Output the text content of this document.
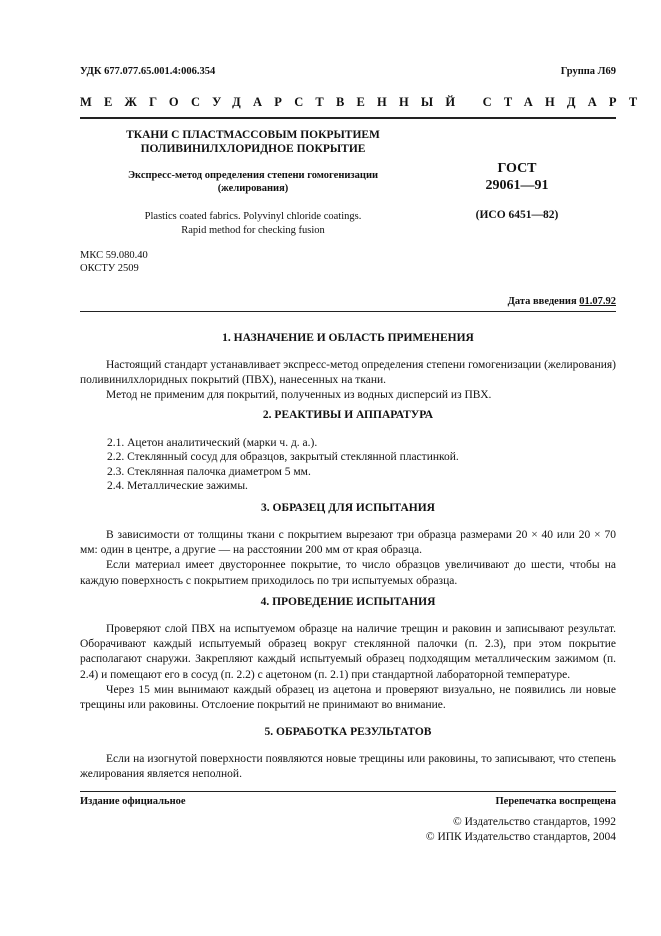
УДК 677.077.65.001.4:006.354	Группа Л69
МЕЖГОСУДАРСТВЕННЫЙ СТАНДАРТ
ТКАНИ С ПЛАСТМАССОВЫМ ПОКРЫТИЕМ
ПОЛИВИНИЛХЛОРИДНОЕ ПОКРЫТИЕ
Экспресс-метод определения степени гомогенизации
(желирования)
Plastics coated fabrics. Polyvinyl chloride coatings.
Rapid method for checking fusion
ГОСТ
29061—91
(ИСО 6451—82)
МКС 59.080.40
ОКСТУ 2509
Дата введения 01.07.92
1. НАЗНАЧЕНИЕ И ОБЛАСТЬ ПРИМЕНЕНИЯ

Настоящий стандарт устанавливает экспресс-метод определения степени гомогенизации (желирования) поливинилхлоридных покрытий (ПВХ), нанесенных на ткани.

Метод не применим для покрытий, полученных из водных дисперсий из ПВХ.

2. РЕАКТИВЫ И АППАРАТУРА
2.1. Ацетон аналитический (марки ч. д. а.).
2.2. Стеклянный сосуд для образцов, закрытый стеклянной пластинкой.
2.3. Стеклянная палочка диаметром 5 мм.
2.4. Металлические зажимы.
3. ОБРАЗЕЦ ДЛЯ ИСПЫТАНИЯ

В зависимости от толщины ткани с покрытием вырезают три образца размерами 20 × 40 или 20 × 70 мм: один в центре, а другие — на расстоянии 200 мм от края образца.

Если материал имеет двустороннее покрытие, то число образцов увеличивают до шести, чтобы на каждую поверхность с покрытием приходилось по три испытуемых образца.

4. ПРОВЕДЕНИЕ ИСПЫТАНИЯ

Проверяют слой ПВХ на испытуемом образце на наличие трещин и раковин и записывают результат. Оборачивают каждый испытуемый образец вокруг стеклянной палочки (п. 2.3), при этом покрытие располагают снаружи. Закрепляют каждый испытуемый образец подходящим металлическим зажимом (п. 2.4) и помещают его в сосуд (п. 2.2) с ацетоном (п. 2.1) при стандартной лабораторной температуре.

Через 15 мин вынимают каждый образец из ацетона и проверяют визуально, не появились ли новые трещины или раковины. Отслоение покрытий не принимают во внимание.

5. ОБРАБОТКА РЕЗУЛЬТАТОВ

Если на изогнутой поверхности появляются новые трещины или раковины, то записывают, что степень желирования является неполной.

Издание официальное	Перепечатка воспрещена
© Издательство стандартов, 1992
© ИПК Издательство стандартов, 2004
